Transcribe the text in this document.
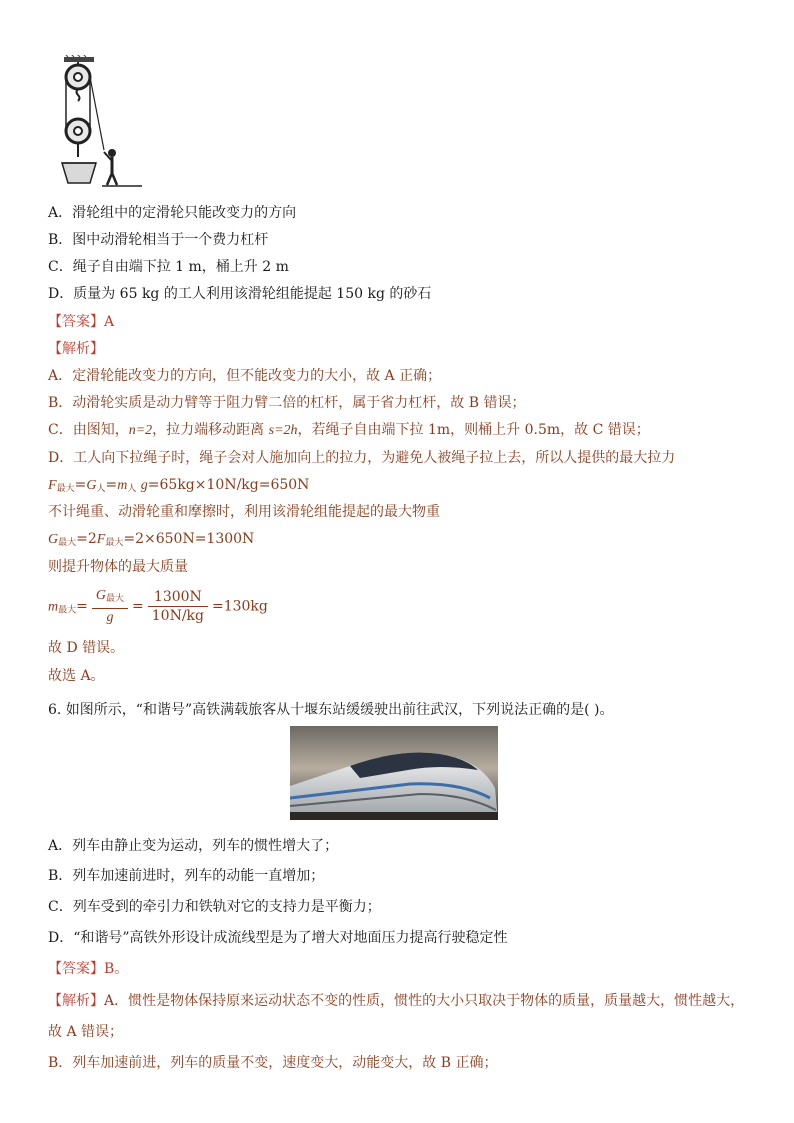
A．滑轮组中的定滑轮只能改变力的方向
B．图中动滑轮相当于一个费力杠杆
C．绳子自由端下拉 1 m，桶上升 2 m
D．质量为 65 kg 的工人利用该滑轮组能提起 150 kg 的砂石
【答案】A
【解析】
A．定滑轮能改变力的方向，但不能改变力的大小，故 A 正确；
B．动滑轮实质是动力臂等于阻力臂二倍的杠杆，属于省力杠杆，故 B 错误；
C．由图知，n=2，拉力端移动距离 s=2h，若绳子自由端下拉 1m，则桶上升 0.5m，故 C 错误；
D．工人向下拉绳子时，绳子会对人施加向上的拉力，为避免人被绳子拉上去，所以人提供的最大拉力
$F_{最大}=G_人=m_人$ g=65kg×10N/kg=650N
不计绳重、动滑轮重和摩擦时，利用该滑轮组能提起的最大物重
$G_{最大}=2F_{最大}=2\times 650N=1300N$
则提升物体的最大质量
$m_{最大}= \frac{G_{最大}}{g} = \frac{1300N}{10N/kg} =130kg$
故 D 错误。
故选 A。
6. 如图所示，“和谐号”高铁满载旅客从十堰东站缓缓驶出前往武汉，下列说法正确的是( )。
A．列车由静止变为运动，列车的惯性增大了；
B．列车加速前进时，列车的动能一直增加；
C．列车受到的牵引力和铁轨对它的支持力是平衡力；
D．“和谐号”高铁外形设计成流线型是为了增大对地面压力提高行驶稳定性
【答案】B。
【解析】A．惯性是物体保持原来运动状态不变的性质，惯性的大小只取决于物体的质量，质量越大，惯性越大，
故 A 错误；
B．列车加速前进，列车的质量不变，速度变大，动能变大，故 B 正确；
